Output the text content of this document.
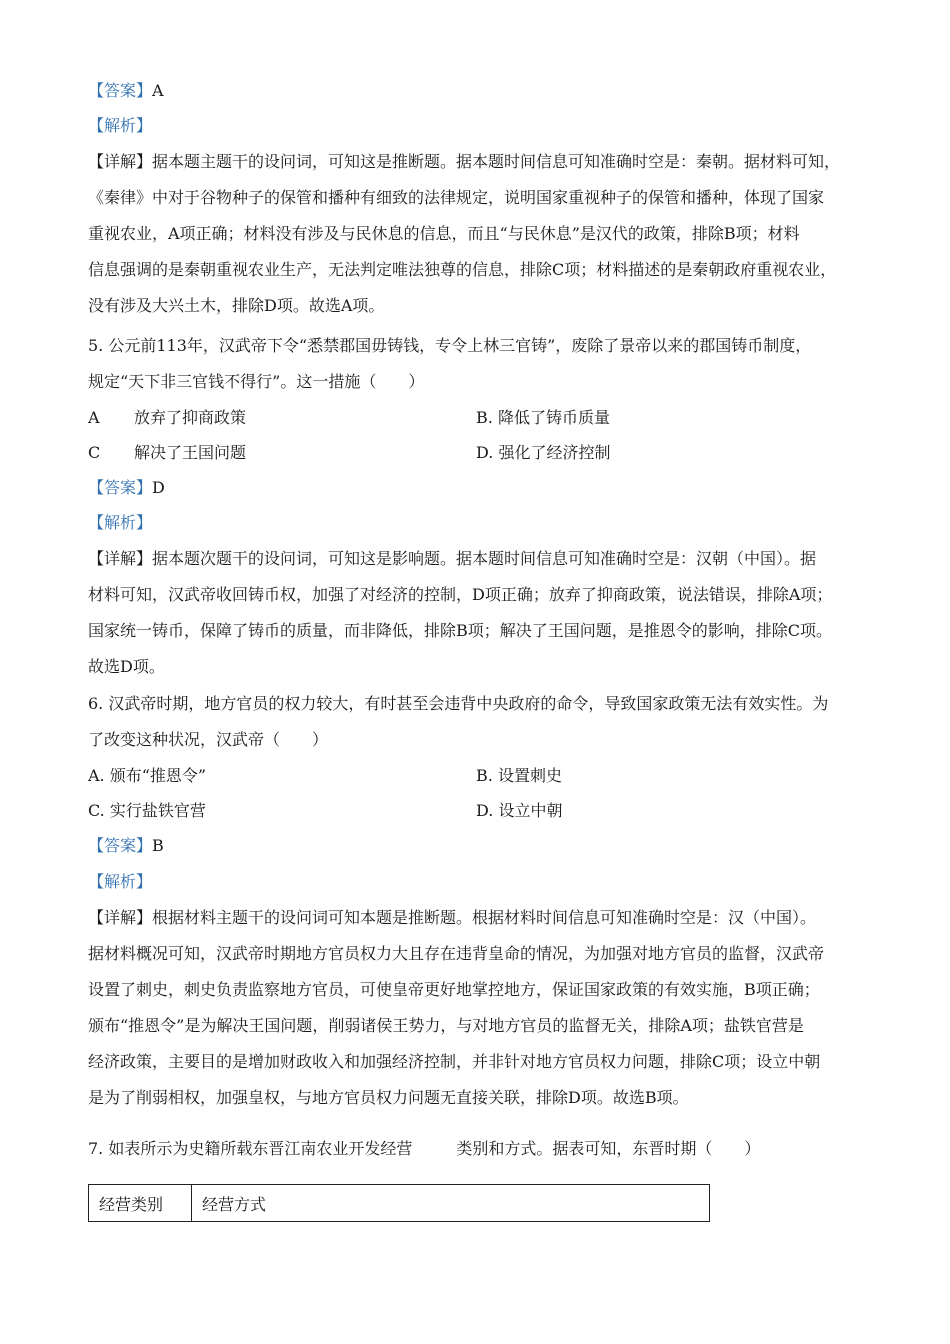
【答案】A
【解析】
【详解】据本题主题干的设问词，可知这是推断题。据本题时间信息可知准确时空是：秦朝。据材料可知，
《秦律》中对于谷物种子的保管和播种有细致的法律规定，说明国家重视种子的保管和播种，体现了国家
重视农业，A项正确；材料没有涉及与民休息的信息，而且“与民休息”是汉代的政策，排除B项；材料
信息强调的是秦朝重视农业生产，无法判定唯法独尊的信息，排除C项；材料描述的是秦朝政府重视农业，
没有涉及大兴土木，排除D项。故选A项。
5. 公元前113年，汉武帝下令“悉禁郡国毋铸钱，专令上林三官铸”，废除了景帝以来的郡国铸币制度，
规定“天下非三官钱不得行”。这一措施（　　）
A 放弃了抑商政策	B. 降低了铸币质量
C 解决了王国问题	D. 强化了经济控制
【答案】D
【解析】
【详解】据本题次题干的设问词，可知这是影响题。据本题时间信息可知准确时空是：汉朝（中国）。据
材料可知，汉武帝收回铸币权，加强了对经济的控制，D项正确；放弃了抑商政策，说法错误，排除A项；
国家统一铸币，保障了铸币的质量，而非降低，排除B项；解决了王国问题，是推恩令的影响，排除C项。
故选D项。
6. 汉武帝时期，地方官员的权力较大，有时甚至会违背中央政府的命令，导致国家政策无法有效实性。为
了改变这种状况，汉武帝（　　）
A. 颁布“推恩令”	B. 设置刺史
C. 实行盐铁官营	D. 设立中朝
【答案】B
【解析】
【详解】根据材料主题干的设问词可知本题是推断题。根据材料时间信息可知准确时空是：汉（中国）。
据材料概况可知，汉武帝时期地方官员权力大且存在违背皇命的情况，为加强对地方官员的监督，汉武帝
设置了刺史，刺史负责监察地方官员，可使皇帝更好地掌控地方，保证国家政策的有效实施，B项正确；
颁布“推恩令”是为解决王国问题，削弱诸侯王势力，与对地方官员的监督无关，排除A项；盐铁官营是
经济政策，主要目的是增加财政收入和加强经济控制，并非针对地方官员权力问题，排除C项；设立中朝
是为了削弱相权，加强皇权，与地方官员权力问题无直接关联，排除D项。故选B项。
7. 如表所示为史籍所载东晋江南农业开发经营	类别和方式。据表可知，东晋时期（　　）
经营类别	经营方式
